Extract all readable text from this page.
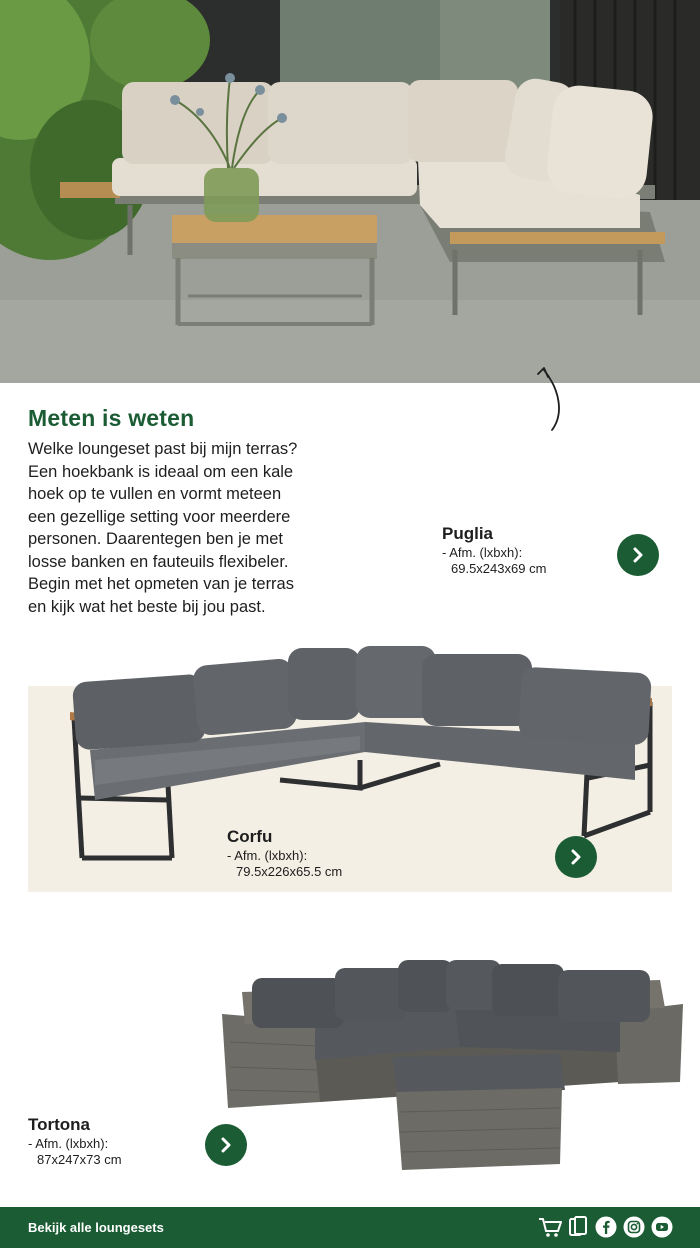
Meten is weten

Welke loungeset past bij mijn terras?
Een hoekbank is ideaal om een kale
hoek op te vullen en vormt meteen
een gezellige setting voor meerdere
personen. Daarentegen ben je met
losse banken en fauteuils flexibeler.
Begin met het opmeten van je terras
en kijk wat het beste bij jou past.

Puglia
- Afm. (lxbxh):
69.5x243x69 cm
Corfu
- Afm. (lxbxh):
79.5x226x65.5 cm
Tortona
- Afm. (lxbxh):
87x247x73 cm
Bekijk alle loungesets
